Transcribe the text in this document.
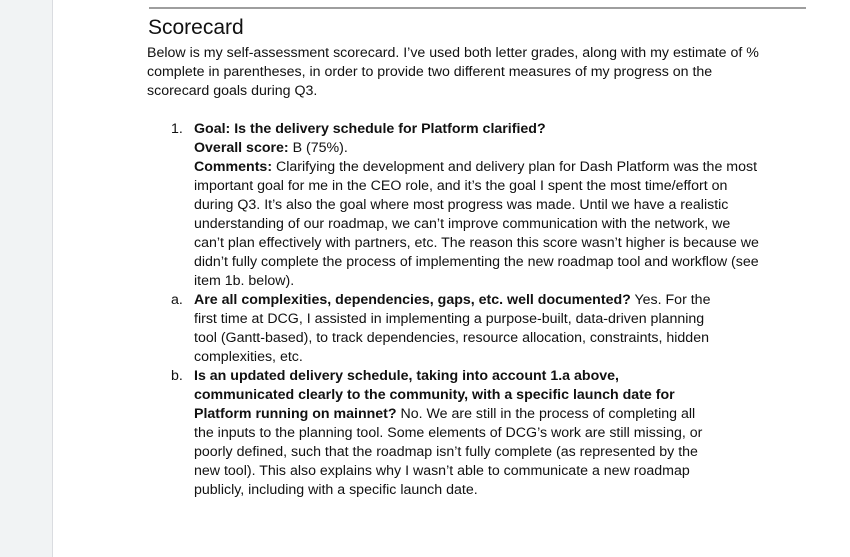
Scorecard

Below is my self-assessment scorecard. I’ve used both letter grades, along with my estimate of % complete in parentheses, in order to provide two different measures of my progress on the scorecard goals during Q3.

1. Goal: Is the delivery schedule for Platform clarified?

Overall score: B (75%).

Comments: Clarifying the development and delivery plan for Dash Platform was the most important goal for me in the CEO role, and it’s the goal I spent the most time/effort on during Q3. It’s also the goal where most progress was made. Until we have a realistic understanding of our roadmap, we can’t improve communication with the network, we can’t plan effectively with partners, etc. The reason this score wasn’t higher is because we didn’t fully complete the process of implementing the new roadmap tool and workflow (see item 1b. below).

a. Are all complexities, dependencies, gaps, etc. well documented? Yes. For the first time at DCG, I assisted in implementing a purpose-built, data-driven planning tool (Gantt-based), to track dependencies, resource allocation, constraints, hidden complexities, etc.

b. Is an updated delivery schedule, taking into account 1.a above, communicated clearly to the community, with a specific launch date for Platform running on mainnet? No. We are still in the process of completing all the inputs to the planning tool. Some elements of DCG’s work are still missing, or poorly defined, such that the roadmap isn’t fully complete (as represented by the new tool). This also explains why I wasn’t able to communicate a new roadmap publicly, including with a specific launch date.
